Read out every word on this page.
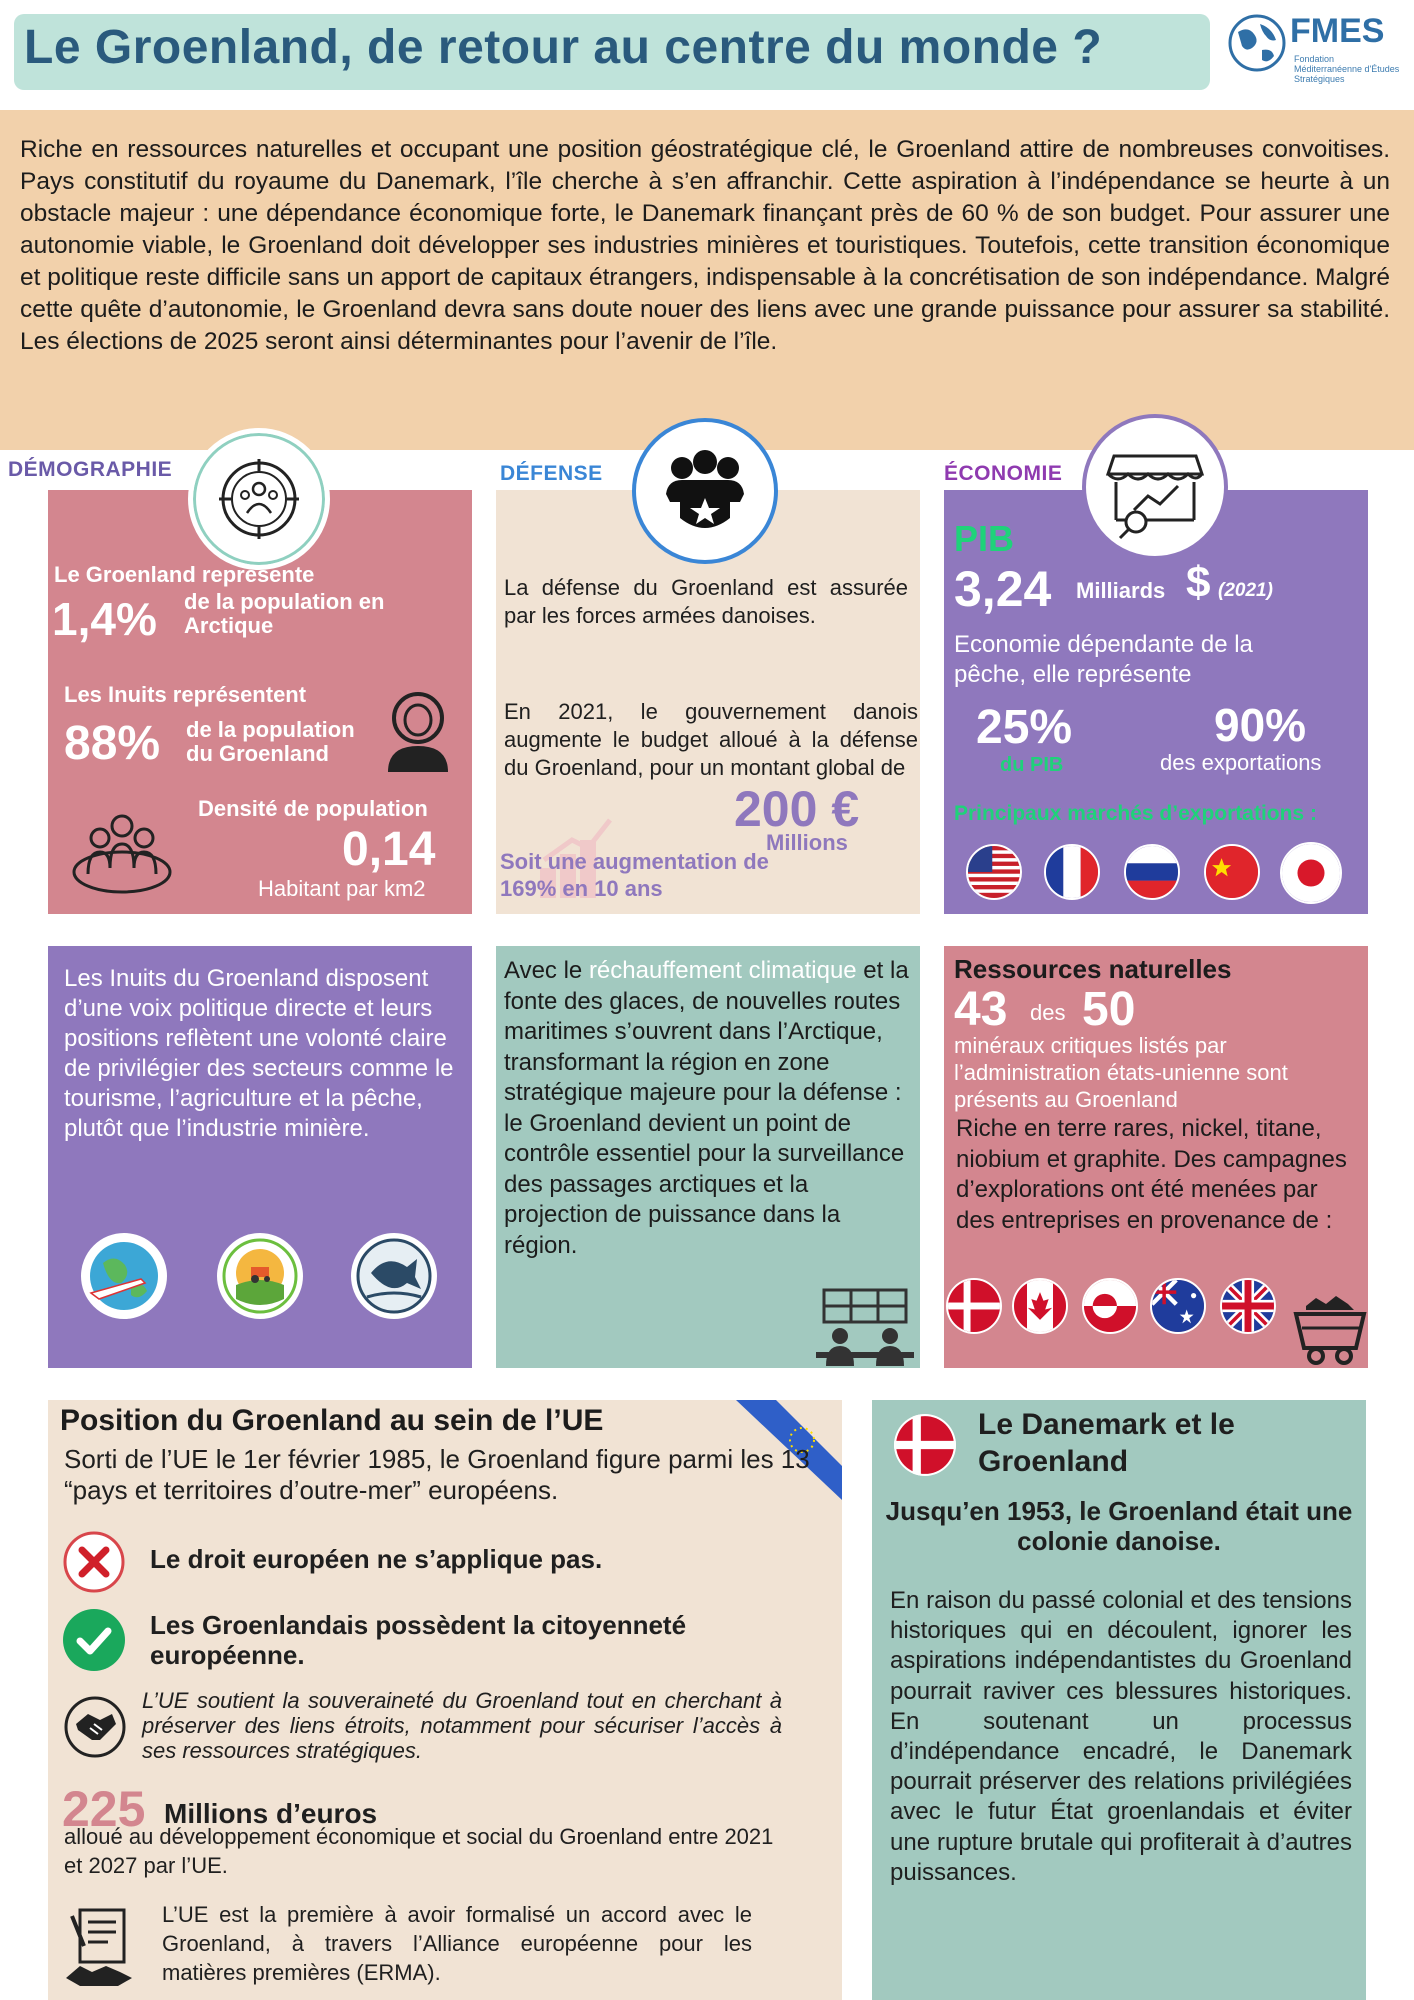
Le Groenland, de retour au centre du monde ?	FMES
Fondation Méditerranéenne d'Études Stratégiques
Riche en ressources naturelles et occupant une position géostratégique clé, le Groenland attire de nombreuses convoitises. Pays constitutif du royaume du Danemark, l’île cherche à s’en affranchir. Cette aspiration à l’indépendance se heurte à un obstacle majeur : une dépendance économique forte, le Danemark finançant près de 60 % de son budget. Pour assurer une autonomie viable, le Groenland doit développer ses industries minières et touristiques. Toutefois, cette transition économique et politique reste difficile sans un apport de capitaux étrangers, indispensable à la concrétisation de son indépendance. Malgré cette quête d’autonomie, le Groenland devra sans doute nouer des liens avec une grande puissance pour assurer sa stabilité. Les élections de 2025 seront ainsi déterminantes pour l’avenir de l’île.
DÉMOGRAPHIE
Le Groenland représente
1,4% de la population en Arctique
Les Inuits représentent
88% de la population du Groenland
Densité de population
0,14
Habitant par km2
DÉFENSE
La défense du Groenland est assurée par les forces armées danoises.
En 2021, le gouvernement danois augmente le budget alloué à la défense du Groenland, pour un montant global de
200 €
Millions
Soit une augmentation de 169% en 10 ans
ÉCONOMIE
PIB
3,24 Milliards $ (2021)
Economie dépendante de la pêche, elle représente
25%
du PIB
90%
des exportations
Principaux marchés d’exportations :
Les Inuits du Groenland disposent d’une voix politique directe et leurs positions reflètent une volonté claire de privilégier des secteurs comme le tourisme, l’agriculture et la pêche, plutôt que l’industrie minière.
Avec le réchauffement climatique et la fonte des glaces, de nouvelles routes maritimes s’ouvrent dans l’Arctique, transformant la région en zone stratégique majeure pour la défense : le Groenland devient un point de contrôle essentiel pour la surveillance des passages arctiques et la projection de puissance dans la région.
Ressources naturelles
43 des 50
minéraux critiques listés par l’administration états-unienne sont présents au Groenland
Riche en terre rares, nickel, titane, niobium et graphite. Des campagnes d’explorations ont été menées par des entreprises en provenance de :
Position du Groenland au sein de l’UE
Sorti de l’UE le 1er février 1985, le Groenland figure parmi les 13 “pays et territoires d’outre-mer” européens.
Le droit européen ne s’applique pas.
Les Groenlandais possèdent la citoyenneté européenne.
L’UE soutient la souveraineté du Groenland tout en cherchant à préserver des liens étroits, notamment pour sécuriser l’accès à ses ressources stratégiques.
225 Millions d’euros
alloué au développement économique et social du Groenland entre 2021 et 2027 par l’UE.
L’UE est la première à avoir formalisé un accord avec le Groenland, à travers l’Alliance européenne pour les matières premières (ERMA).
Le Danemark et le Groenland
Jusqu’en 1953, le Groenland était une colonie danoise.
En raison du passé colonial et des tensions historiques qui en découlent, ignorer les aspirations indépendantistes du Groenland pourrait raviver ces blessures historiques. En soutenant un processus d’indépendance encadré, le Danemark pourrait préserver des relations privilégiées avec le futur État groenlandais et éviter une rupture brutale qui profiterait à d’autres puissances.
